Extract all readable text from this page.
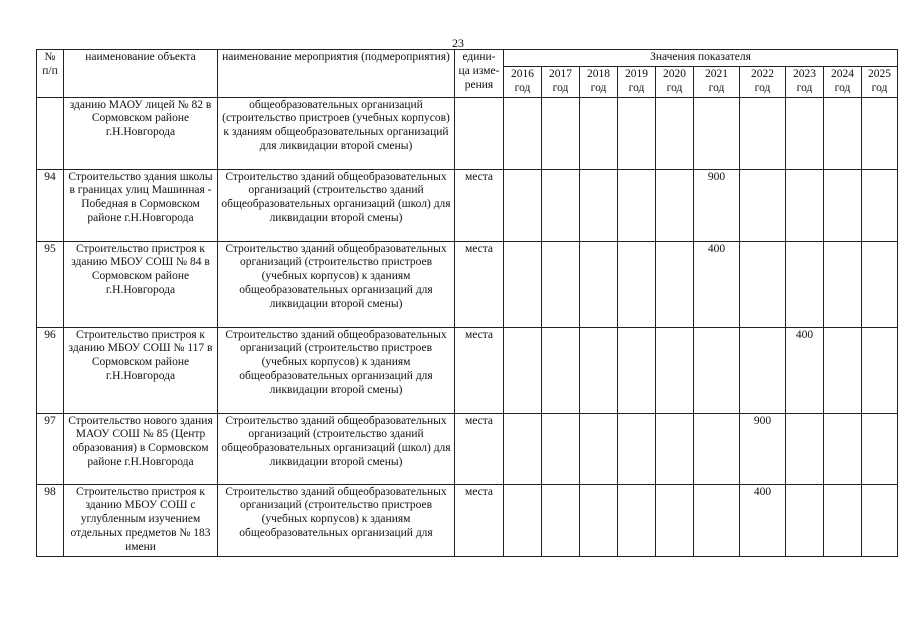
23
№ п/п	наименование объекта	наименование мероприятия (подмероприятия)	едини- ца изме- рения	Значения показателя									
				2016 год	2017 год	2018 год	2019 год	2020 год	2021 год	2022 год	2023 год	2024 год	2025 год
	зданию МАОУ лицей № 82 в Сормовском районе г.Н.Новгорода	общеобразовательных организаций (строительство пристроев (учебных корпусов) к зданиям общеобразовательных организаций для ликвидации второй смены)											
94	Строительство здания школы в границах улиц Машинная - Победная в Сормовском районе г.Н.Новгорода	Строительство зданий общеобразовательных организаций (строительство зданий общеобразовательных организаций (школ) для ликвидации второй смены)	места						900				
95	Строительство пристроя к зданию МБОУ СОШ № 84 в Сормовском районе г.Н.Новгорода	Строительство зданий общеобразовательных организаций (строительство пристроев (учебных корпусов) к зданиям общеобразовательных организаций для ликвидации второй смены)	места						400				
96	Строительство пристроя к зданию МБОУ СОШ № 117 в Сормовском районе г.Н.Новгорода	Строительство зданий общеобразовательных организаций (строительство пристроев (учебных корпусов) к зданиям общеобразовательных организаций для ликвидации второй смены)	места								400		
97	Строительство нового здания МАОУ СОШ № 85 (Центр образования) в Сормовском районе г.Н.Новгорода	Строительство зданий общеобразовательных организаций (строительство зданий общеобразовательных организаций (школ) для ликвидации второй смены)	места							900			
98	Строительство пристроя к зданию МБОУ СОШ с углубленным изучением отдельных предметов № 183 имени	Строительство зданий общеобразовательных организаций (строительство пристроев (учебных корпусов) к зданиям общеобразовательных организаций для	места							400			
